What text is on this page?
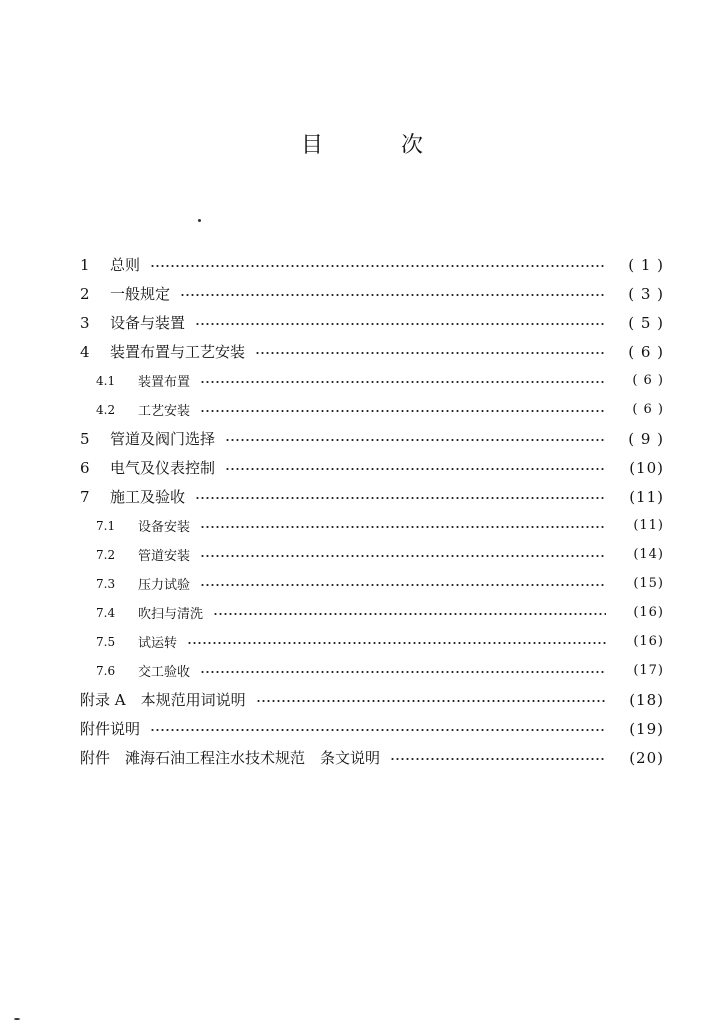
目	次
1	总则	( 1 )
2	一般规定	( 3 )
3	设备与装置	( 5 )
4	装置布置与工艺安装	( 6 )
4.1	装置布置	( 6 )
4.2	工艺安装	( 6 )
5	管道及阀门选择	( 9 )
6	电气及仪表控制	(10)
7	施工及验收	(11)
7.1	设备安装	(11)
7.2	管道安装	(14)
7.3	压力试验	(15)
7.4	吹扫与清洗	(16)
7.5	试运转	(16)
7.6	交工验收	(17)
附录 A　本规范用词说明	(18)
附件说明	(19)
附件　滩海石油工程注水技术规范　条文说明	(20)
